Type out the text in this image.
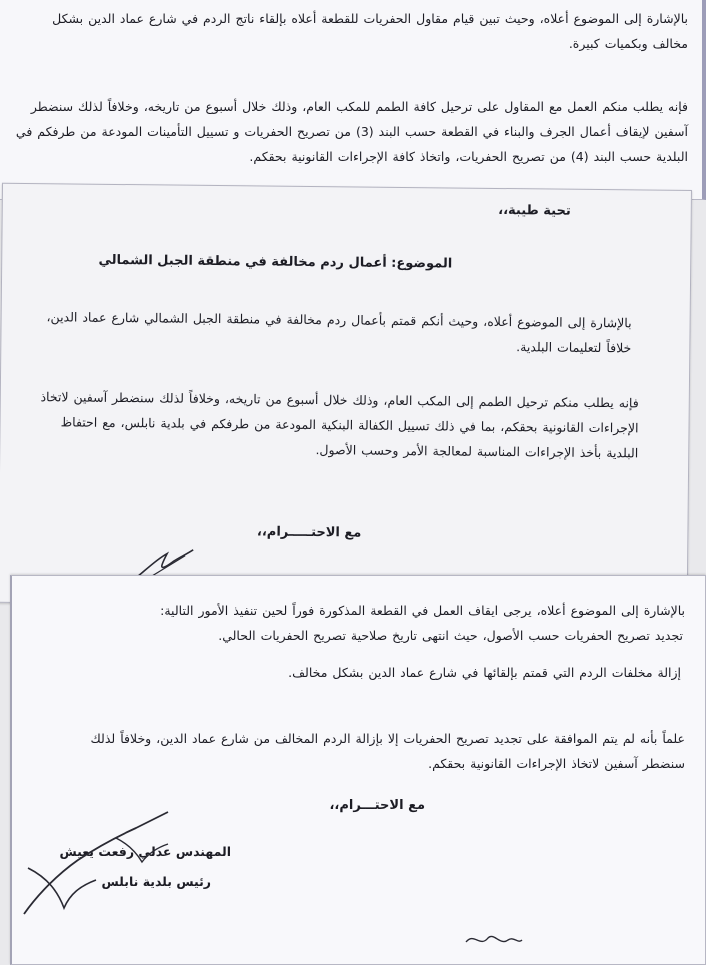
بالإشارة إلى الموضوع أعلاه، وحيث تبين قيام مقاول الحفريات للقطعة أعلاه بإلقاء ناتج الردم في شارع عماد الدين بشكل مخالف وبكميات كبيرة.

فإنه يطلب منكم العمل مع المقاول على ترحيل كافة الطمم للمكب العام، وذلك خلال أسبوع من تاريخه، وخلافاً لذلك سنضطر آسفين لإيقاف أعمال الجرف والبناء في القطعة حسب البند (3) من تصريح الحفريات و تسييل التأمينات المودعة من طرفكم في البلدية حسب البند (4) من تصريح الحفريات، واتخاذ كافة الإجراءات القانونية بحقكم.

تحية طيبة،،

الموضوع: أعمال ردم مخالفة في منطقة الجبل الشمالي

بالإشارة إلى الموضوع أعلاه، وحيث أنكم قمتم بأعمال ردم مخالفة في منطقة الجبل الشمالي شارع عماد الدين، خلافاً لتعليمات البلدية.

فإنه يطلب منكم ترحيل الطمم إلى المكب العام، وذلك خلال أسبوع من تاريخه، وخلافاً لذلك سنضطر آسفين لاتخاذ الإجراءات القانونية بحقكم، بما في ذلك تسييل الكفالة البنكية المودعة من طرفكم في بلدية نابلس، مع احتفاظ البلدية بأخذ الإجراءات المناسبة لمعالجة الأمر وحسب الأصول.

مع الاحتـــــرام،،

بالإشارة إلى الموضوع أعلاه، يرجى ايقاف العمل في القطعة المذكورة فوراً لحين تنفيذ الأمور التالية:

تجديد تصريح الحفريات حسب الأصول، حيث انتهى تاريخ صلاحية تصريح الحفريات الحالي.

إزالة مخلفات الردم التي قمتم بإلقائها في شارع عماد الدين بشكل مخالف.

علماً بأنه لم يتم الموافقة على تجديد تصريح الحفريات إلا بإزالة الردم المخالف من شارع عماد الدين، وخلافاً لذلك سنضطر آسفين لاتخاذ الإجراءات القانونية بحقكم.

مع الاحتـــرام،،

المهندس عدلي رفعت يعيش

رئيس بلدية نابلس
